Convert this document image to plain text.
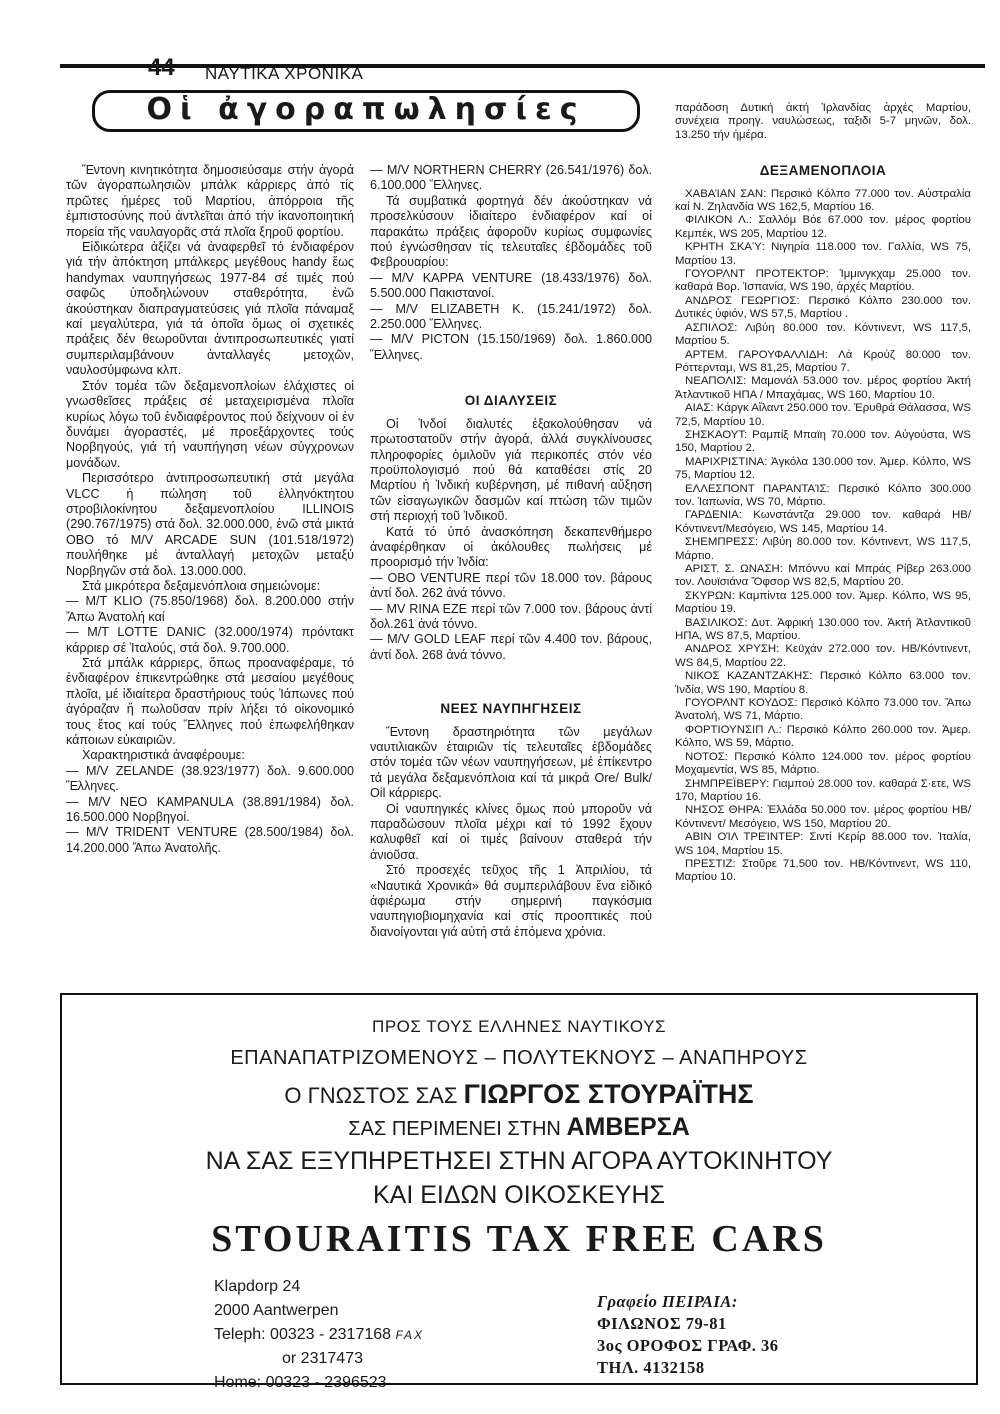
44 ΝΑΥΤΙΚΑ ΧΡΟΝΙΚΑ
Οἱ ἀγοραπωλησίες

Ἔντονη κινητικότητα δημοσιεύσαμε στήν ἀγορά τῶν ἀγοραπωλησιῶν μπάλκ κάρριερς ἀπό τίς πρῶτες ἡμέρες τοῦ Μαρτίου, ἀπόρροια τῆς ἐμπιστοσύνης πού ἀντλεῖται ἀπό τήν ἱκανοποιητική πορεία τῆς ναυλαγορᾶς στά πλοῖα ξηροῦ φορτίου.

Εἰδικώτερα ἀξίζει νά ἀναφερθεῖ τό ἐνδιαφέρον γιά τήν ἀπόκτηση μπάλκερς μεγέθους handy ἕως handymax ναυπηγήσεως 1977-84 σέ τιμές πού σαφῶς ὑποδηλώνουν σταθερότητα, ἐνῶ ἀκούστηκαν διαπραγματεύσεις γιά πλοῖα πάναμαξ καί μεγαλύτερα, γιά τά ὁποῖα ὅμως οἱ σχετικές πράξεις δέν θεωροῦνται ἀντιπροσωπευτικές γιατί συμπεριλαμβάνουν ἀνταλλαγές μετοχῶν, ναυλοσύμφωνα κλπ.

Στόν τομέα τῶν δεξαμενοπλοίων ἐλάχιστες οἱ γνωσθεῖσες πράξεις σέ μεταχειρισμένα πλοῖα κυρίως λόγω τοῦ ἐνδιαφέροντος πού δείχνουν οἱ ἐν δυνάμει ἀγοραστές, μέ προεξάρχοντες τούς Νορβηγούς, γιά τή ναυπήγηση νέων σύγχρονων μονάδων.

Περισσότερο ἀντιπροσωπευτική στά μεγάλα VLCC ἡ πώληση τοῦ ἑλληνόκτητου στροβιλοκίνητου δεξαμενοπλοίου ILLINOIS (290.767/1975) στά δολ. 32.000.000, ἐνῶ στά μικτά OBO τό M/V ARCADE SUN (101.518/1972) πουλήθηκε μέ ἀνταλλαγή μετοχῶν μεταξύ Νορβηγῶν στά δολ. 13.000.000.

Στά μικρότερα δεξαμενόπλοια σημειώνομε:

— M/T KLIO (75.850/1968) δολ. 8.200.000 στήν Ἄπω Ἀνατολή καί

— M/T LOTTE DANIC (32.000/1974) πρόντακτ κάρριερ σέ Ἰταλούς, στά δολ. 9.700.000.

Στά μπάλκ κάρριερς, ὅπως προαναφέραμε, τό ἐνδιαφέρον ἐπικεντρώθηκε στά μεσαίου μεγέθους πλοῖα, μέ ἰδιαίτερα δραστήριους τούς Ἰάπωνες πού ἀγόραζαν ἤ πωλοῦσαν πρίν λήξει τό οἰκονομικό τους ἔτος καί τούς Ἕλληνες πού ἐπωφελήθηκαν κάποιων εὐκαιριῶν.

Χαρακτηριστικά ἀναφέρουμε:

— M/V ZELANDE (38.923/1977) δολ. 9.600.000 Ἕλληνες.

— M/V NEO KAMPANULA (38.891/1984) δολ. 16.500.000 Νορβηγοί.

— M/V TRIDENT VENTURE (28.500/1984) δολ. 14.200.000 Ἄπω Ἀνατολῆς.

— M/V NORTHERN CHERRY (26.541/1976) δολ. 6.100.000 Ἕλληνες.

Τά συμβατικά φορτηγά δέν ἀκούστηκαν νά προσελκύσουν ἰδιαίτερο ἐνδιαφέρον καί οἱ παρακάτω πράξεις ἀφοροῦν κυρίως συμφωνίες πού ἐγνώσθησαν τίς τελευταῖες ἑβδομάδες τοῦ Φεβρουαρίου:

— M/V KAPPA VENTURE (18.433/1976) δολ. 5.500.000 Πακιστανοί.

— M/V ELIZABETH K. (15.241/1972) δολ. 2.250.000 Ἕλληνες.

— M/V PICTON (15.150/1969) δολ. 1.860.000 Ἕλληνες.

ΟΙ ΔΙΑΛΥΣΕΙΣ

Οἱ Ἰνδοί διαλυτές ἐξακολούθησαν νά πρωτοστατοῦν στήν ἀγορά, ἀλλά συγκλίνουσες πληροφορίες ὁμιλοῦν γιά περικοπές στόν νέο προϋπολογισμό πού θά καταθέσει στίς 20 Μαρτίου ἡ Ἰνδική κυβέρνηση, μέ πιθανή αὔξηση τῶν εἰσαγωγικῶν δασμῶν καί πτώση τῶν τιμῶν στή περιοχή τοῦ Ἰνδικοῦ.

Κατά τό ὑπό ἀνασκόπηση δεκαπενθήμερο ἀναφέρθηκαν οἱ ἀκόλουθες πωλήσεις μέ προορισμό τήν Ἰνδία:

— OBO VENTURE περί τῶν 18.000 τον. βάρους ἀντί δολ. 262 ἀνά τόννο.

— MV RINA EZE περί τῶν 7.000 τον. βάρους ἀντί δολ.261 ἀνά τόννο.

— M/V GOLD LEAF περί τῶν 4.400 τον. βάρους, ἀντί δολ. 268 ἀνά τόννο.

ΝΕΕΣ ΝΑΥΠΗΓΗΣΕΙΣ

Ἔντονη δραστηριότητα τῶν μεγάλων ναυτιλιακῶν ἑταιριῶν τίς τελευταῖες ἑβδομάδες στόν τομέα τῶν νέων ναυπηγήσεων, μέ ἐπίκεντρο τά μεγάλα δεξαμενόπλοια καί τά μικρά Ore/ Bulk/ Oil κάρριερς.

Οἱ ναυπηγικές κλίνες ὅμως πού μποροῦν νά παραδώσουν πλοῖα μέχρι καί τό 1992 ἔχουν καλυφθεῖ καί οἱ τιμές βαίνουν σταθερά τήν ἀνιοῦσα.

Στό προσεχές τεῦχος τῆς 1 Ἀπριλίου, τά «Ναυτικά Χρονικά» θά συμπεριλάβουν ἕνα εἰδικό ἀφιέρωμα στήν σημερινή παγκόσμια ναυπηγιοβιομηχανία καί στίς προοπτικές πού διανοίγονται γιά αὐτή στά ἑπόμενα χρόνια.

παράδοση Δυτική ἀκτή Ἰρλανδίας ἀρχές Μαρτίου, συνέχεια προηγ. ναυλώσεως, ταξιδι 5-7 μηνῶν, δολ. 13.250 τήν ἡμέρα.

ΔΕΞΑΜΕΝΟΠΛΟΙΑ

ΧΑΒΑΊΑΝ ΣΑΝ: Περσικό Κόλπο 77.000 τον. Αὐστραλία καί Ν. Ζηλανδία WS 162,5, Μαρτίου 16.

ΦΙΛΙΚΟΝ Λ.: Σαλλόμ Βόε 67.000 τον. μέρος φορτίου Κεμπέκ, WS 205, Μαρτίου 12.

ΚΡΗΤΗ ΣΚΑΎ: Νιγηρία 118.000 τον. Γαλλία, WS 75, Μαρτίου 13.

ΓΟΥΟΡΛΝΤ ΠΡΟΤΕΚΤΟΡ: Ἰμμινγκχαμ 25.000 τον. καθαρά Βορ. Ἰσπανία, WS 190, ἀρχές Μαρτίου.

ΑΝΔΡΟΣ ΓΕΩΡΓΙΟΣ: Περσικό Κόλπο 230.000 τον. Δυτικές ὑφιόν, WS 57,5, Μαρτίου .

ΑΣΠΙΛΟΣ: Λιβύη 80.000 τον. Κόντινεντ, WS 117,5, Μαρτίου 5.

ΑΡΤΕΜ. ΓΑΡΟΥΦΑΛΛΙΔΗ: Λά Κρούζ 80.000 τον. Ρόττερνταμ, WS 81,25, Μαρτίου 7.

ΝΕΑΠΟΛΙΣ: Μαμονάλ 53.000 τον. μέρος φορτίου Ἀκτή Ἀτλαντικοῦ ΗΠΑ / Μπαχάμας, WS 160, Μαρτίου 10.

ΑΙΑΣ: Κάργκ Αἴλαντ 250.000 τον. Ἐρυθρά Θάλασσα, WS 72,5, Μαρτίου 10.

ΣΗΣΚΑΟΥΤ: Ραμπίξ Μπαϊη 70.000 τον. Αὐγούστα, WS 150, Μαρτίου 2.

ΜΑΡΙΧΡΙΣΤΙΝΑ: Ἀγκόλα 130.000 τον. Ἀμερ. Κόλπο, WS 75, Μαρτίου 12.

ΕΛΛΕΣΠΟΝΤ ΠΑΡΑΝΤΑΊΣ: Περσικό Κόλπο 300.000 τον. Ἰαπωνία, WS 70, Μάρτιο.

ΓΑΡΔΕΝΙΑ: Κωνστάντζα 29.000 τον. καθαρά ΗΒ/Κόντινεντ/Μεσόγειο, WS 145, Μαρτίου 14.

ΣΗΕΜΠΡΕΣΣ: Λιβύη 80.000 τον. Κόντινεντ, WS 117,5, Μάρτιο.

ΑΡΙΣΤ. Σ. ΩΝΑΣΗ: Μπόννυ καί Μπράς Ρίβερ 263.000 τον. Λουϊσιάνα Ὄφσορ WS 82,5, Μαρτίου 20.

ΣΚΥΡΩΝ: Καμπίντα 125.000 τον. Ἀμερ. Κόλπο, WS 95, Μαρτίου 19.

ΒΑΣΙΛΙΚΟΣ: Δυτ. Ἀφρική 130.000 τον. Ἀκτή Ἀτλαντικοῦ ΗΠΑ, WS 87,5, Μαρτίου.

ΑΝΔΡΟΣ ΧΡΥΣΗ: Κεϋχάν 272.000 τον. ΗΒ/Κόντινεντ, WS 84,5, Μαρτίου 22.

ΝΙΚΟΣ ΚΑΖΑΝΤΖΑΚΗΣ: Περσικό Κόλπο 63.000 τον. Ἰνδία, WS 190, Μαρτίου 8.

ΓΟΥΟΡΛΝΤ ΚΟΥΔΟΣ: Περσικό Κόλπο 73.000 τον. Ἄπω Ἀνατολή, WS 71, Μάρτιο.

ΦΟΡΤΙΟΥΝΣΙΠ Λ.: Περσικό Κόλπο 260.000 τον. Ἀμερ. Κόλπο, WS 59, Μάρτιο.

ΝΟΤΟΣ: Περσικό Κόλπο 124.000 τον. μέρος φορτίου Μοχαμεντία, WS 85, Μάρτιο.

ΣΗΜΠΡΕΪΒΕΡΥ: Γιαμπού 28.000 τον. καθαρά Σ·ετε, WS 170, Μαρτίου 16.

ΝΗΣΟΣ ΘΗΡΑ: Ἑλλάδα 50.000 τον. μέρος φορτίου ΗΒ/ Κόντινεντ/ Μεσόγειο, WS 150, Μαρτίου 20.

ΑΒΙΝ ΟΊΛ ΤΡΕΊΝΤΕΡ: Σιντί Κερίρ 88.000 τον. Ἰταλία, WS 104, Μαρτίου 15.

ΠΡΕΣΤΙΖ: Στοῦρε 71.500 τον. ΗΒ/Κόντινεντ, WS 110, Μαρτίου 10.

ΠΡΟΣ ΤΟΥΣ ΕΛΛΗΝΕΣ ΝΑΥΤΙΚΟΥΣ
ΕΠΑΝΑΠΑΤΡΙΖΟΜΕΝΟΥΣ – ΠΟΛΥΤΕΚΝΟΥΣ – ΑΝΑΠΗΡΟΥΣ
Ο ΓΝΩΣΤΟΣ ΣΑΣ ΓΙΩΡΓΟΣ ΣΤΟΥΡΑΪΤΗΣ
ΣΑΣ ΠΕΡΙΜΕΝΕΙ ΣΤΗΝ ΑΜΒΕΡΣΑ
ΝΑ ΣΑΣ ΕΞΥΠΗΡΕΤΗΣΕΙ ΣΤΗΝ ΑΓΟΡΑ ΑΥΤΟΚΙΝΗΤΟΥ
ΚΑΙ ΕΙΔΩΝ ΟΙΚΟΣΚΕΥΗΣ
STOURAITIS TAX FREE CARS
Klapdorp 24
2000 Aantwerpen
Teleph: 00323 - 2317168 FAX
or 2317473
Home: 00323 - 2396523
Γραφείο ΠΕΙΡΑΙΑ:
ΦΙΛΩΝΟΣ 79-81
3ος ΟΡΟΦΟΣ ΓΡΑΦ. 36
ΤΗΛ. 4132158
